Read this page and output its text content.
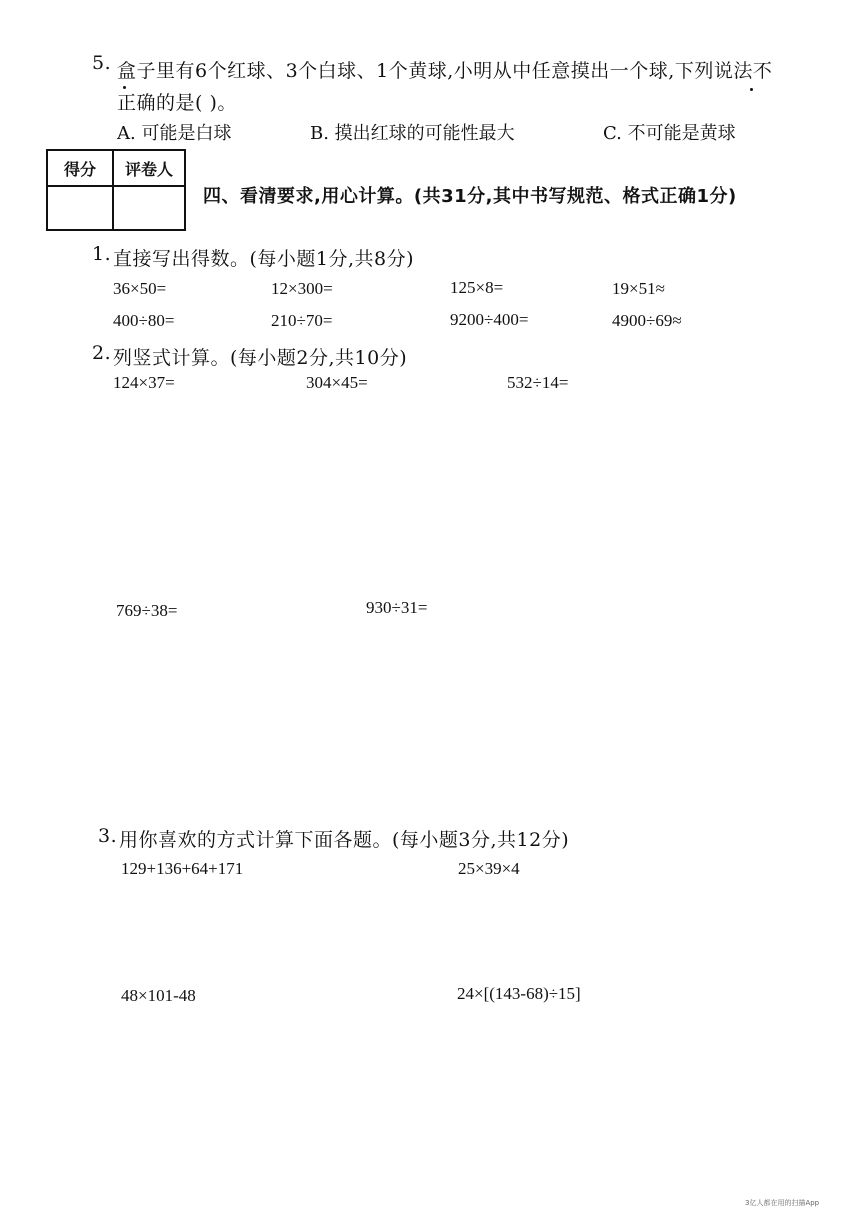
5. 盒子里有6个红球、3个白球、1个黄球,小明从中任意摸出一个球,下列说法不
正确的是( )。
A. 可能是白球	B. 摸出红球的可能性最大	C. 不可能是黄球
得分	评卷人
四、看清要求,用心计算。(共31分,其中书写规范、格式正确1分)
1. 直接写出得数。(每小题1分,共8分)
36×50=	12×300=	125×8=	19×51≈
400÷80=	210÷70=	9200÷400=	4900÷69≈
2. 列竖式计算。(每小题2分,共10分)
124×37=	304×45=	532÷14=
769÷38=	930÷31=
3. 用你喜欢的方式计算下面各题。(每小题3分,共12分)
129+136+64+171	25×39×4
48×101-48	24×[(143-68)÷15]
3亿人都在用的扫描App
